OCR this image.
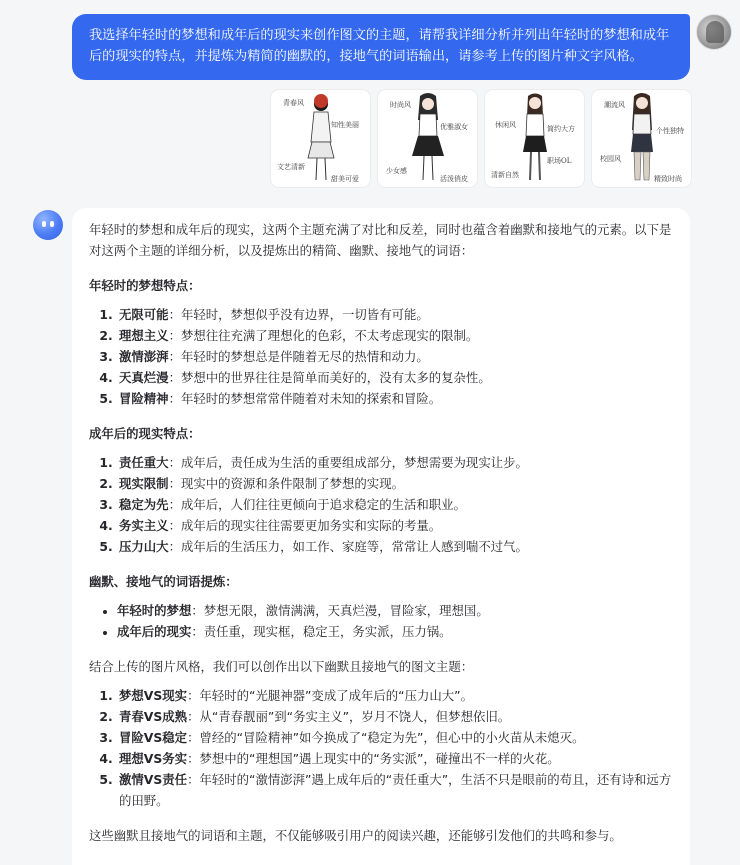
我选择年轻时的梦想和成年后的现实来创作图文的主题，请帮我详细分析并列出年轻时的梦想和成年后的现实的特点，并提炼为精简的幽默的，接地气的词语输出，请参考上传的图片种文字风格。
青春风
知性美丽
文艺清新
甜美可爱
时尚风
优雅淑女
少女感
活泼俏皮
休闲风	简约大方
职场OL
清新自然
潮流风
个性独特
校园风
精致时尚

年轻时的梦想和成年后的现实，这两个主题充满了对比和反差，同时也蕴含着幽默和接地气的元素。以下是对这两个主题的详细分析，以及提炼出的精简、幽默、接地气的词语：

年轻时的梦想特点：

1. 无限可能：年轻时，梦想似乎没有边界，一切皆有可能。
2. 理想主义：梦想往往充满了理想化的色彩，不太考虑现实的限制。
3. 激情澎湃：年轻时的梦想总是伴随着无尽的热情和动力。
4. 天真烂漫：梦想中的世界往往是简单而美好的，没有太多的复杂性。
5. 冒险精神：年轻时的梦想常常伴随着对未知的探索和冒险。

成年后的现实特点：

1. 责任重大：成年后，责任成为生活的重要组成部分，梦想需要为现实让步。
2. 现实限制：现实中的资源和条件限制了梦想的实现。
3. 稳定为先：成年后，人们往往更倾向于追求稳定的生活和职业。
4. 务实主义：成年后的现实往往需要更加务实和实际的考量。
5. 压力山大：成年后的生活压力，如工作、家庭等，常常让人感到喘不过气。

幽默、接地气的词语提炼：

• 年轻时的梦想：梦想无限，激情满满，天真烂漫，冒险家，理想国。
• 成年后的现实：责任重，现实框，稳定王，务实派，压力锅。

结合上传的图片风格，我们可以创作出以下幽默且接地气的图文主题：

1. 梦想VS现实：年轻时的“光腿神器”变成了成年后的“压力山大”。
2. 青春VS成熟：从“青春靓丽”到“务实主义”，岁月不饶人，但梦想依旧。
3. 冒险VS稳定：曾经的“冒险精神”如今换成了“稳定为先”，但心中的小火苗从未熄灭。
4. 理想VS务实：梦想中的“理想国”遇上现实中的“务实派”，碰撞出不一样的火花。
5. 激情VS责任：年轻时的“激情澎湃”遇上成年后的“责任重大”，生活不只是眼前的苟且，还有诗和远方的田野。

这些幽默且接地气的词语和主题，不仅能够吸引用户的阅读兴趣，还能够引发他们的共鸣和参与。
